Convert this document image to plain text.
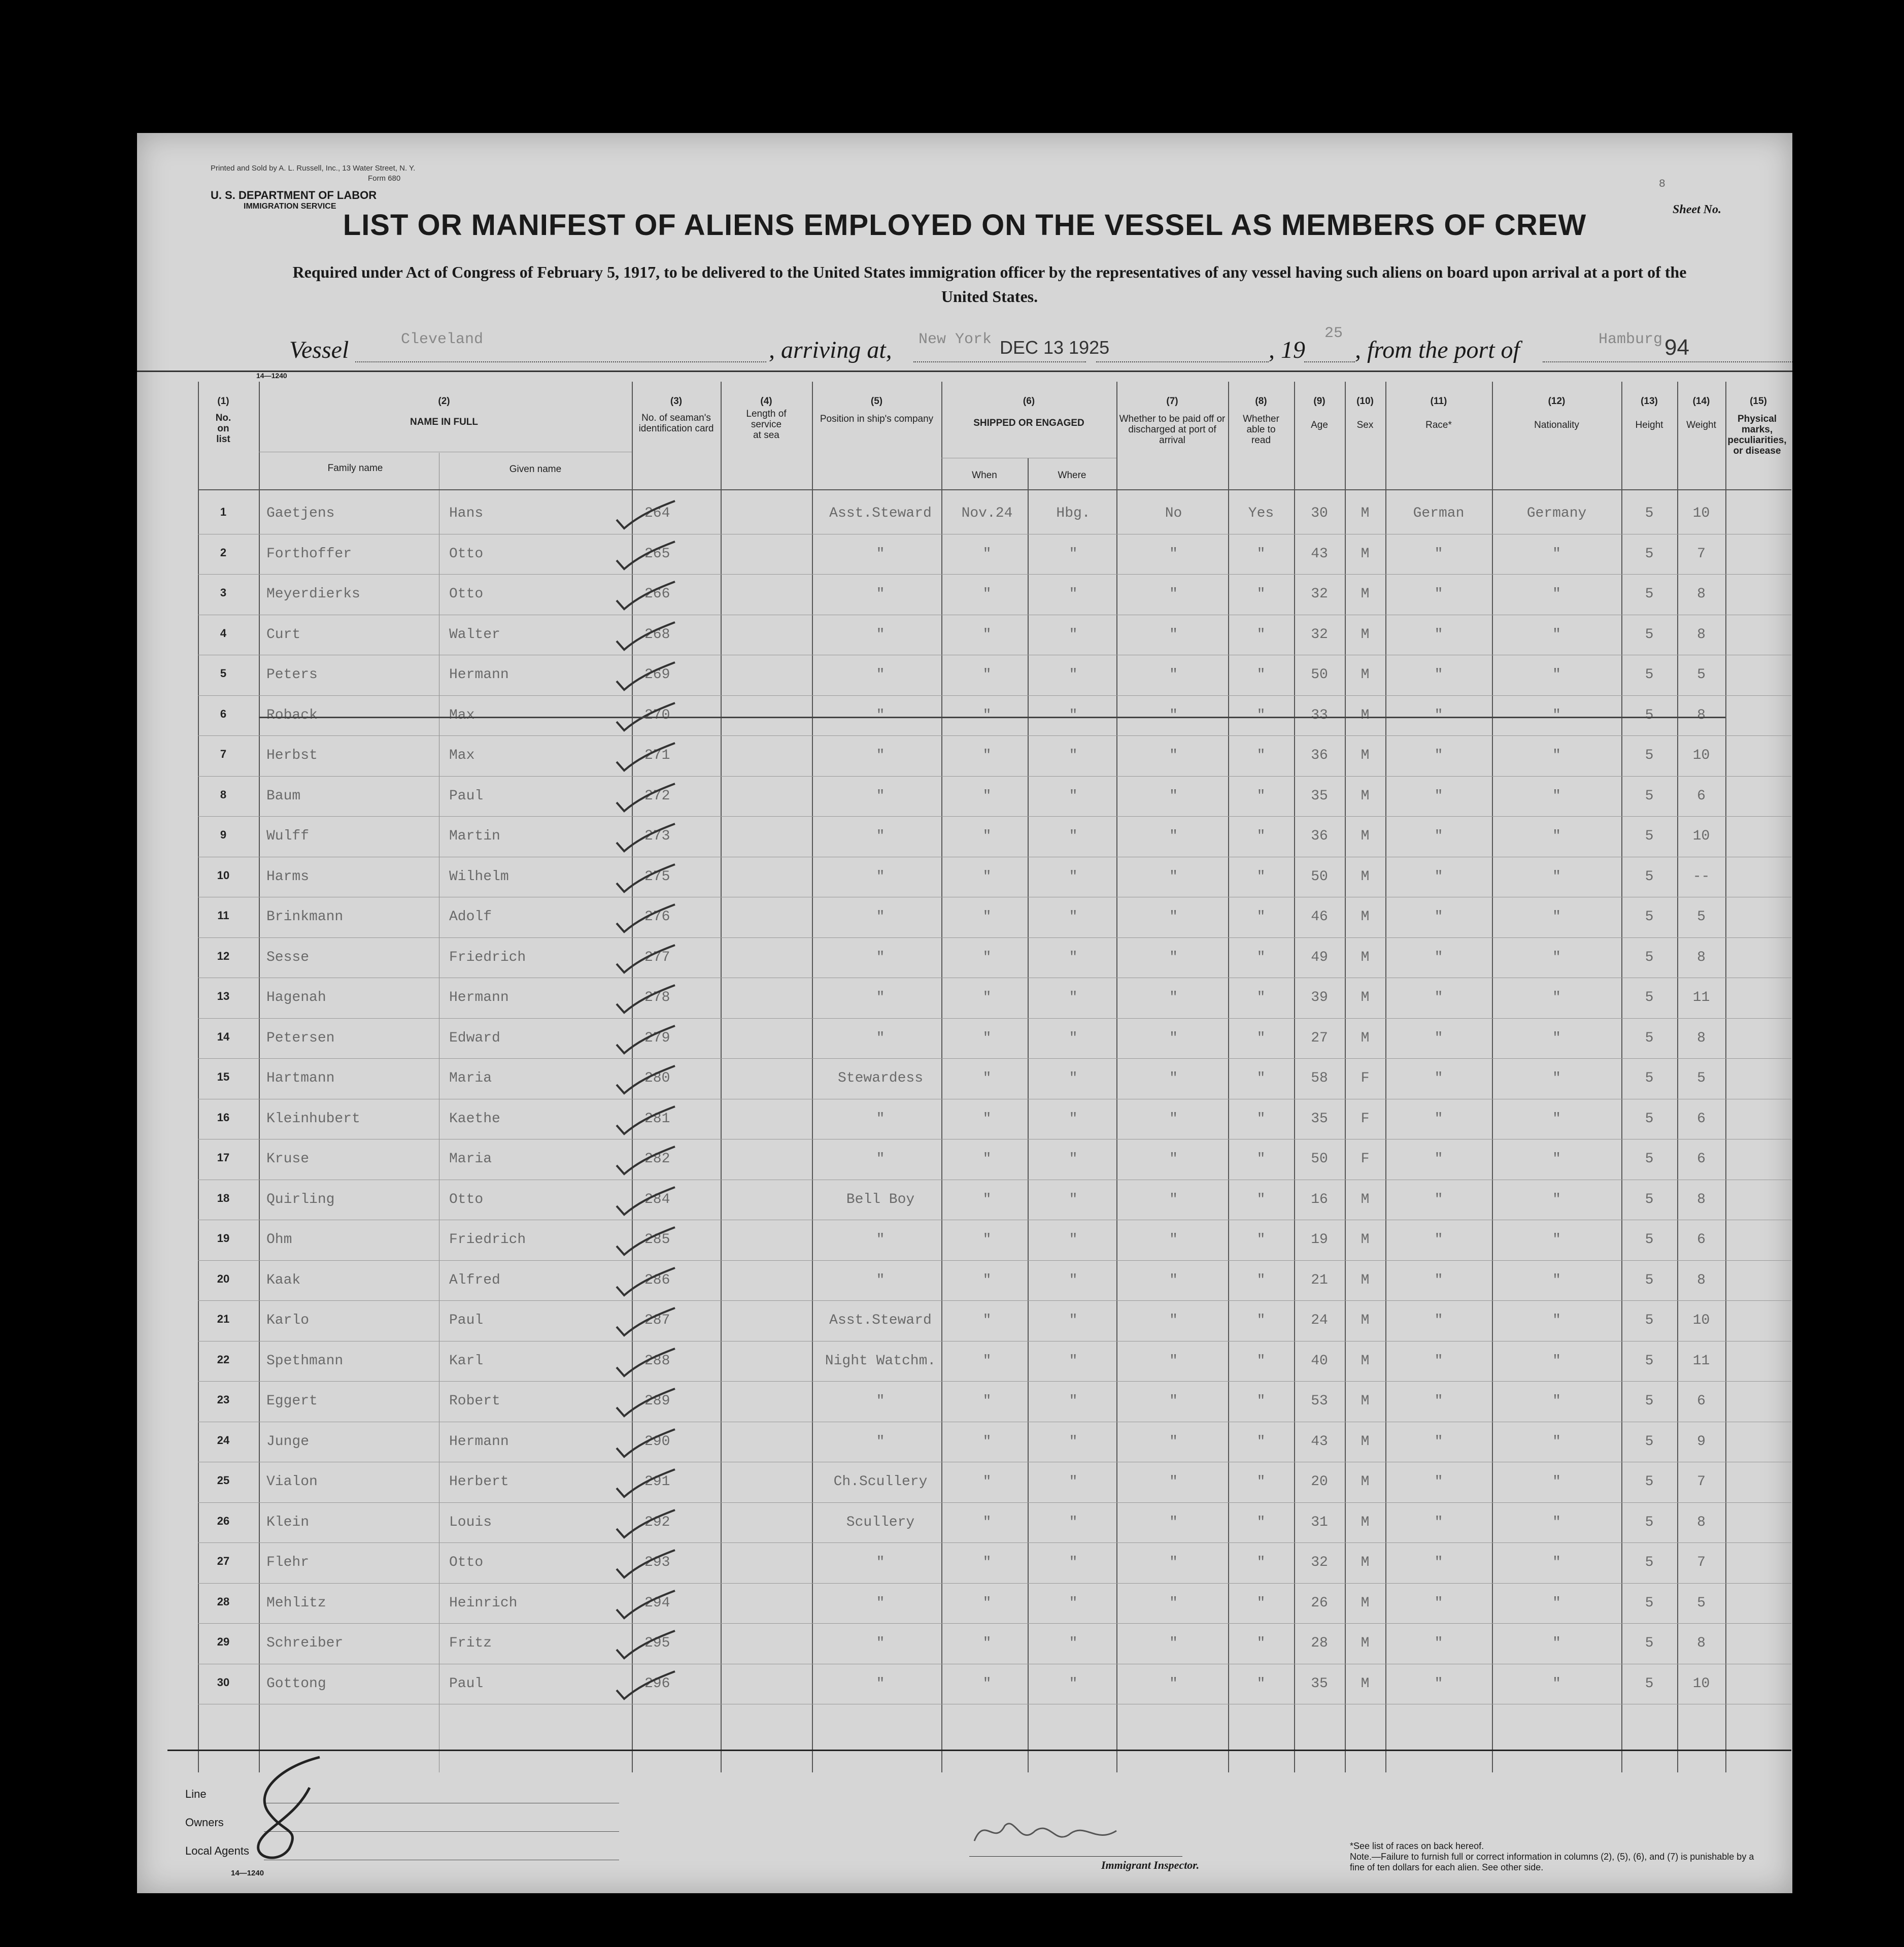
Printed and Sold by A. L. Russell, Inc., 13 Water Street, N. Y.
Form 680
U. S. DEPARTMENT OF LABOR
IMMIGRATION SERVICE
8
Sheet No.
LIST OR MANIFEST OF ALIENS EMPLOYED ON THE VESSEL AS MEMBERS OF CREW
Required under Act of Congress of February 5, 1917, to be delivered to the United States immigration officer by the representatives of any vessel having such aliens on board upon arrival at a port of the United States.
Vessel	Cleveland	, arriving at, New York DEC 13 1925	, 19
25
, from the port of	Hamburg 94
14—1240
(1)
No. on list
(2)
NAME IN FULL
Family name	Given name
(3)
No. of seaman's identification card
(4)
Length of service at sea
(5)
Position in ship's company
(6)
SHIPPED OR ENGAGED
When	Where
(7)
Whether to be paid off or discharged at port of arrival
(8)
Whether able to read
(9)
Age
(10)
Sex
(11)
Race*
(12)
Nationality
(13)
Height
(14)
Weight
(15)
Physical marks, peculiarities, or disease
1	Gaetjens	Hans	264	Asst.Steward	Nov.24	Hbg.	No	Yes	30	M	German	Germany	5	10
2	Forthoffer	Otto	265	"	"	"	"	"	43	M	"	"	5	7
3	Meyerdierks	Otto	266	"	"	"	"	"	32	M	"	"	5	8
4	Curt	Walter	268	"	"	"	"	"	32	M	"	"	5	8
5	Peters	Hermann	269	"	"	"	"	"	50	M	"	"	5	5
6	Roback	Max	270	"	"	"	"	"	33	M	"	"	5	8
7	Herbst	Max	271	"	"	"	"	"	36	M	"	"	5	10
8	Baum	Paul	272	"	"	"	"	"	35	M	"	"	5	6
9	Wulff	Martin	273	"	"	"	"	"	36	M	"	"	5	10
10	Harms	Wilhelm	275	"	"	"	"	"	50	M	"	"	5	--
11	Brinkmann	Adolf	276	"	"	"	"	"	46	M	"	"	5	5
12	Sesse	Friedrich	277	"	"	"	"	"	49	M	"	"	5	8
13	Hagenah	Hermann	278	"	"	"	"	"	39	M	"	"	5	11
14	Petersen	Edward	279	"	"	"	"	"	27	M	"	"	5	8
15	Hartmann	Maria	280	Stewardess	"	"	"	"	58	F	"	"	5	5
16	Kleinhubert	Kaethe	281	"	"	"	"	"	35	F	"	"	5	6
17	Kruse	Maria	282	"	"	"	"	"	50	F	"	"	5	6
18	Quirling	Otto	284	Bell Boy	"	"	"	"	16	M	"	"	5	8
19	Ohm	Friedrich	285	"	"	"	"	"	19	M	"	"	5	6
20	Kaak	Alfred	286	"	"	"	"	"	21	M	"	"	5	8
21	Karlo	Paul	287	Asst.Steward	"	"	"	"	24	M	"	"	5	10
22	Spethmann	Karl	288	Night Watchm.	"	"	"	"	40	M	"	"	5	11
23	Eggert	Robert	289	"	"	"	"	"	53	M	"	"	5	6
24	Junge	Hermann	290	"	"	"	"	"	43	M	"	"	5	9
25	Vialon	Herbert	291	Ch.Scullery	"	"	"	"	20	M	"	"	5	7
26	Klein	Louis	292	Scullery	"	"	"	"	31	M	"	"	5	8
27	Flehr	Otto	293	"	"	"	"	"	32	M	"	"	5	7
28	Mehlitz	Heinrich	294	"	"	"	"	"	26	M	"	"	5	5
29	Schreiber	Fritz	295	"	"	"	"	"	28	M	"	"	5	8
30	Gottong	Paul	296	"	"	"	"	"	35	M	"	"	5	10
Line
Owners
Local Agents
14—1240
Immigrant Inspector.
*See list of races on back hereof.
Note.—Failure to furnish full or correct information in columns (2), (5), (6), and (7) is punishable by a fine of ten dollars for each alien. See other side.
